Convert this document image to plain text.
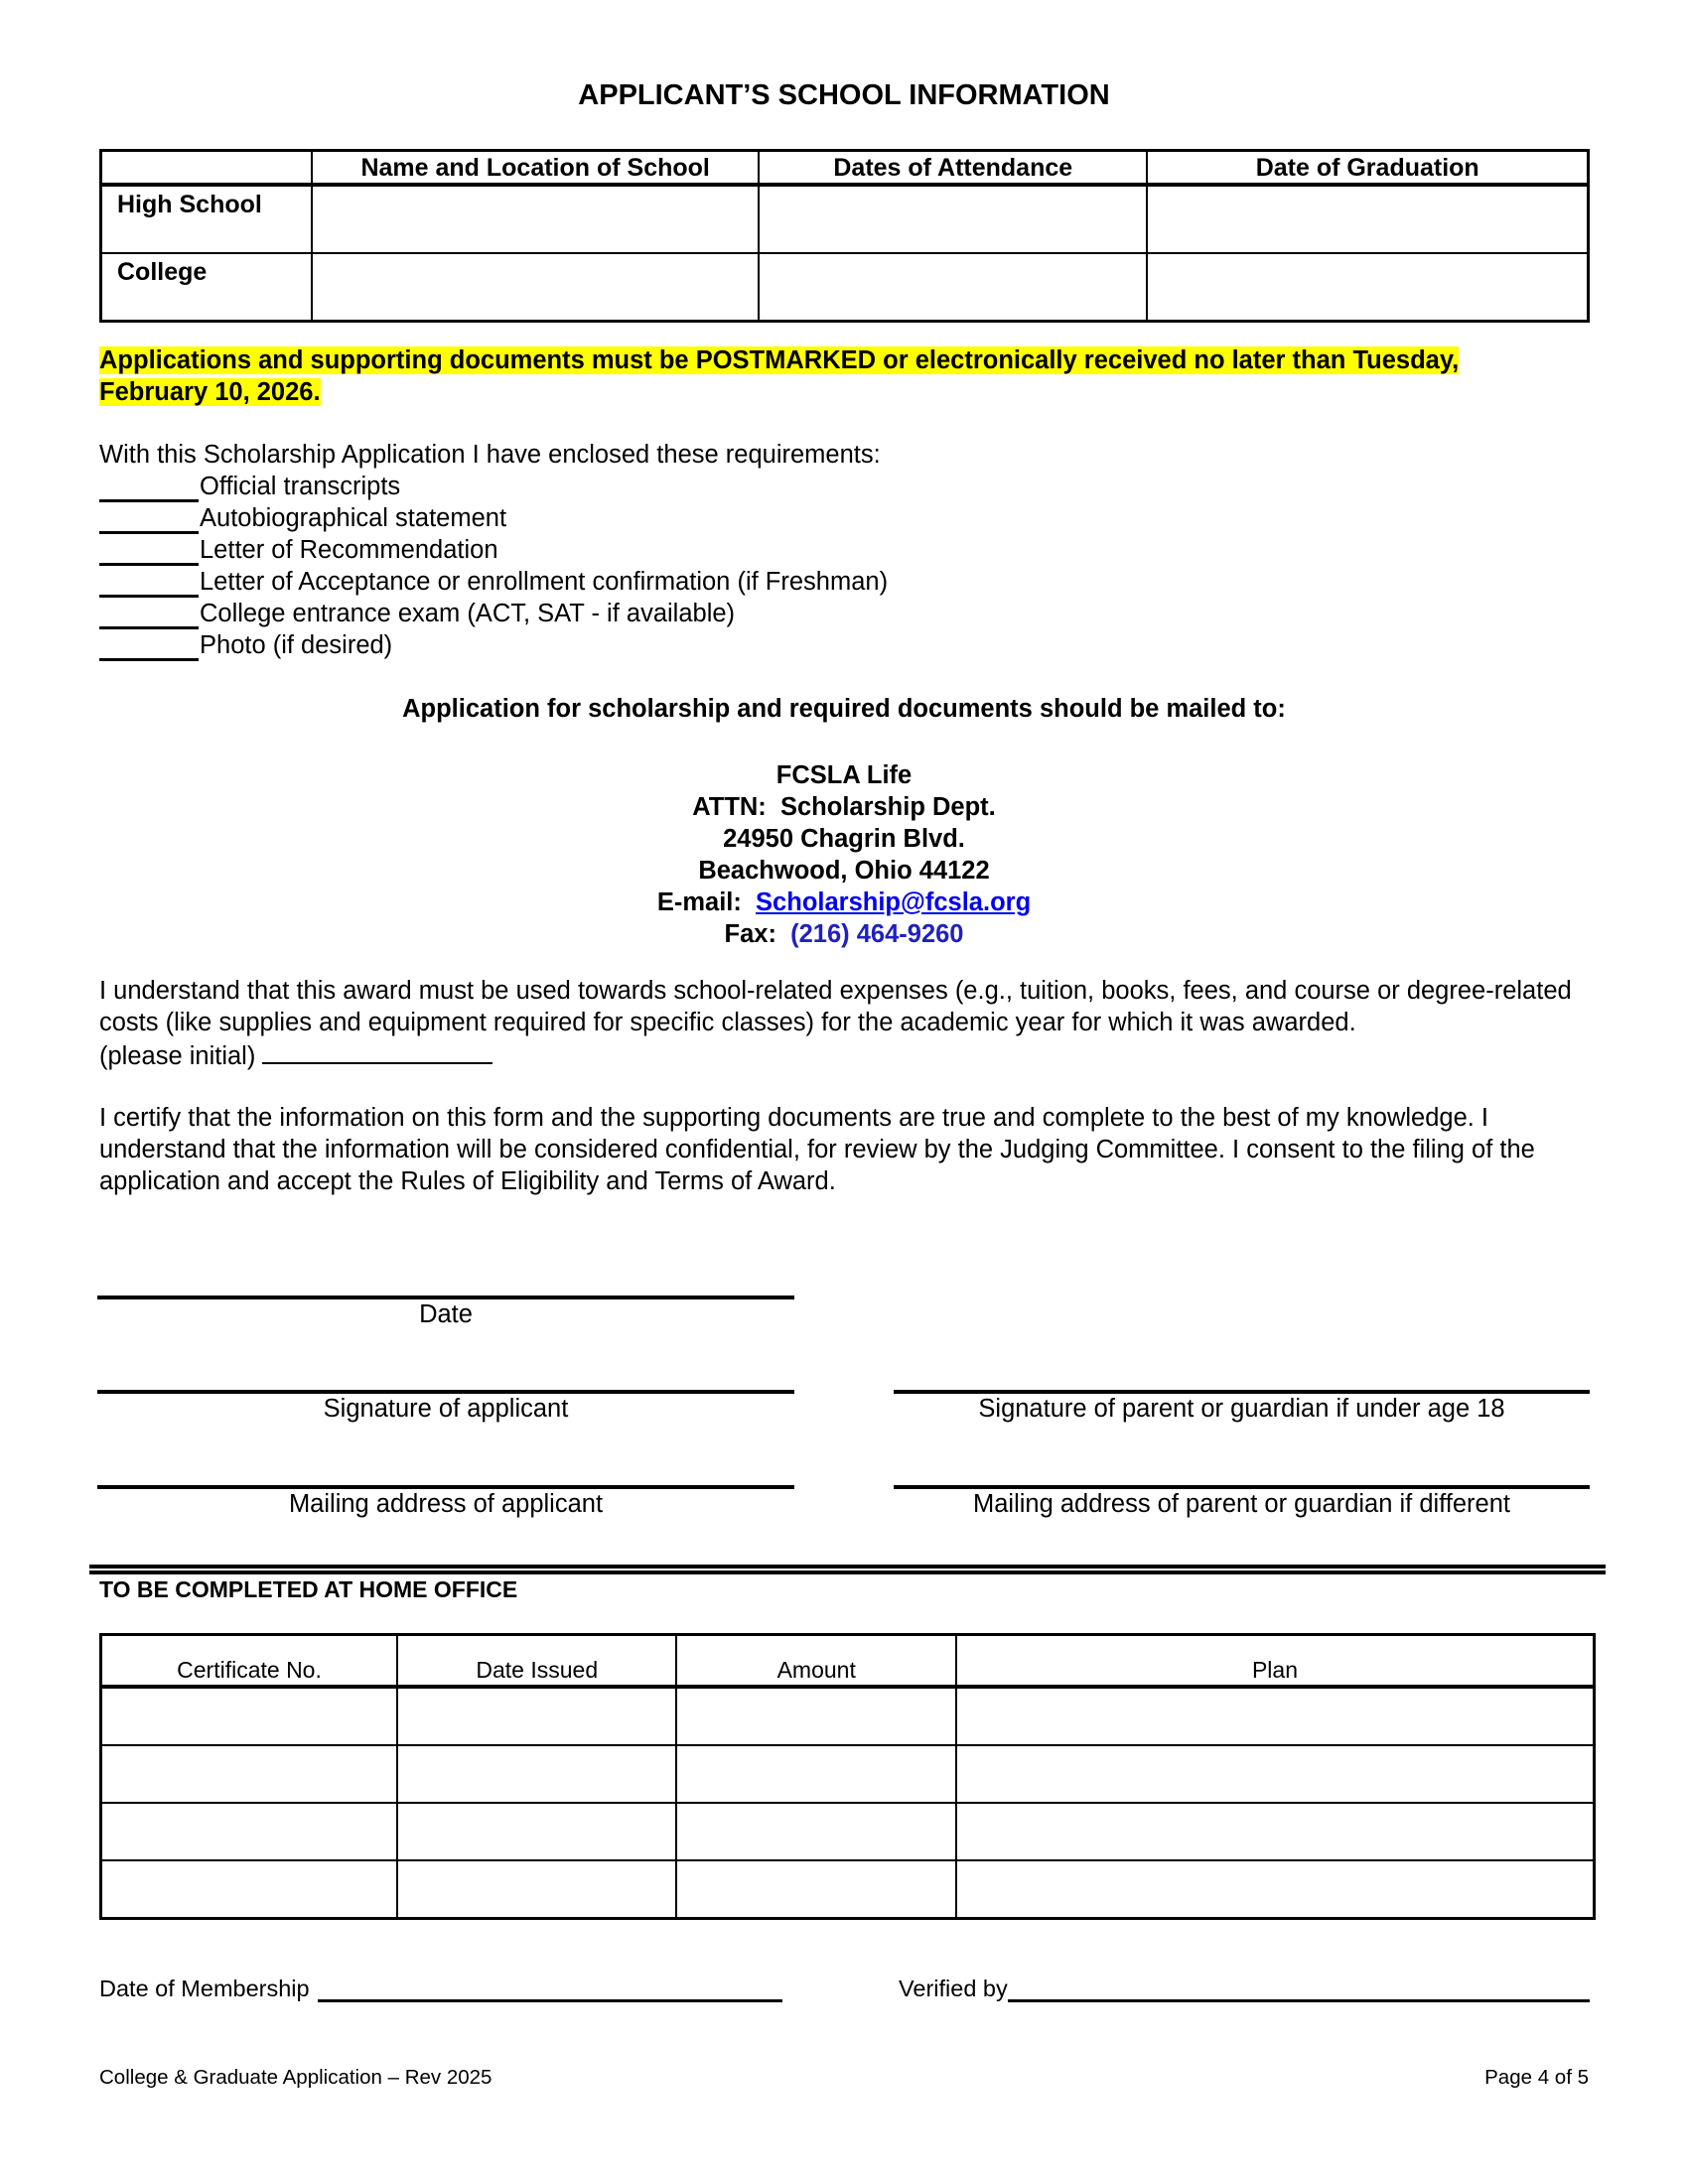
APPLICANT’S SCHOOL INFORMATION
	Name and Location of School	Dates of Attendance	Date of Graduation
High School			
College			
Applications and supporting documents must be POSTMARKED or electronically received no later than Tuesday,
February 10, 2026.
With this Scholarship Application I have enclosed these requirements:
Official transcripts
Autobiographical statement
Letter of Recommendation
Letter of Acceptance or enrollment confirmation (if Freshman)
College entrance exam (ACT, SAT - if available)
Photo (if desired)
Application for scholarship and required documents should be mailed to:
FCSLA Life
ATTN:  Scholarship Dept.
24950 Chagrin Blvd.
Beachwood, Ohio 44122
E-mail: Scholarship@fcsla.org
Fax: (216) 464-9260
I understand that this award must be used towards school-related expenses (e.g., tuition, books, fees, and course or degree-related costs (like supplies and equipment required for specific classes) for the academic year for which it was awarded.
(please initial)
I certify that the information on this form and the supporting documents are true and complete to the best of my knowledge. I understand that the information will be considered confidential, for review by the Judging Committee. I consent to the filing of the application and accept the Rules of Eligibility and Terms of Award.
Date
Signature of applicant	Signature of parent or guardian if under age 18
Mailing address of applicant	Mailing address of parent or guardian if different
TO BE COMPLETED AT HOME OFFICE
Certificate No.	Date Issued	Amount	Plan

Date of Membership	Verified by
College & Graduate Application – Rev 2025	Page 4 of 5
